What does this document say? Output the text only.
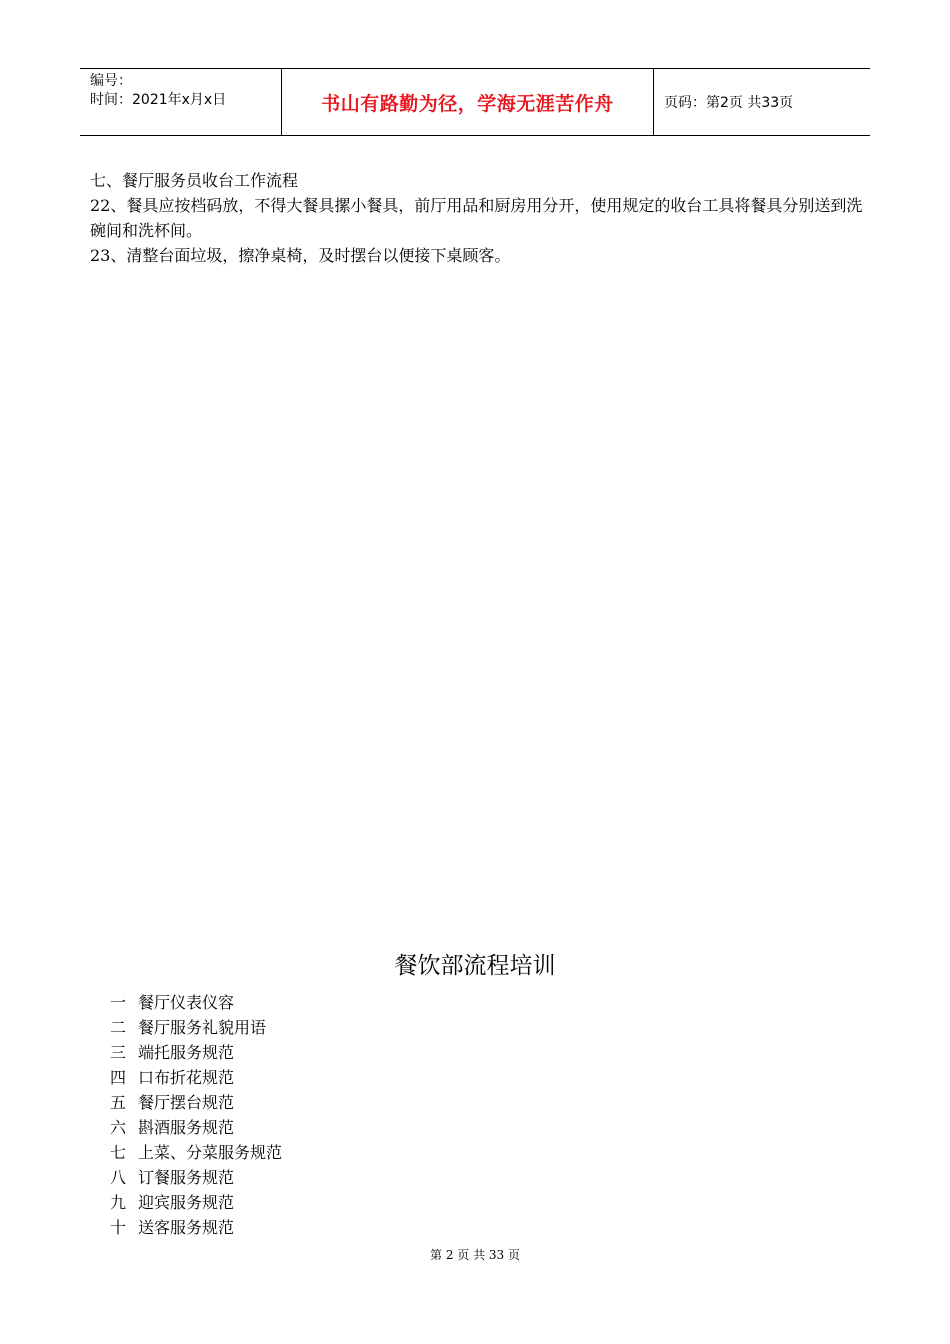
编号：
时间：2021年x月x日	书山有路勤为径，学海无涯苦作舟	页码：第2页 共33页

七、餐厅服务员收台工作流程

22、餐具应按档码放，不得大餐具摞小餐具，前厅用品和厨房用分开，使用规定的收台工具将餐具分别送到洗碗间和洗杯间。

23、清整台面垃圾，擦净桌椅，及时摆台以便接下桌顾客。

餐饮部流程培训
一 餐厅仪表仪容
二 餐厅服务礼貌用语
三 端托服务规范
四 口布折花规范
五 餐厅摆台规范
六 斟酒服务规范
七 上菜、分菜服务规范
八 订餐服务规范
九 迎宾服务规范
十 送客服务规范
第 2 页 共 33 页
